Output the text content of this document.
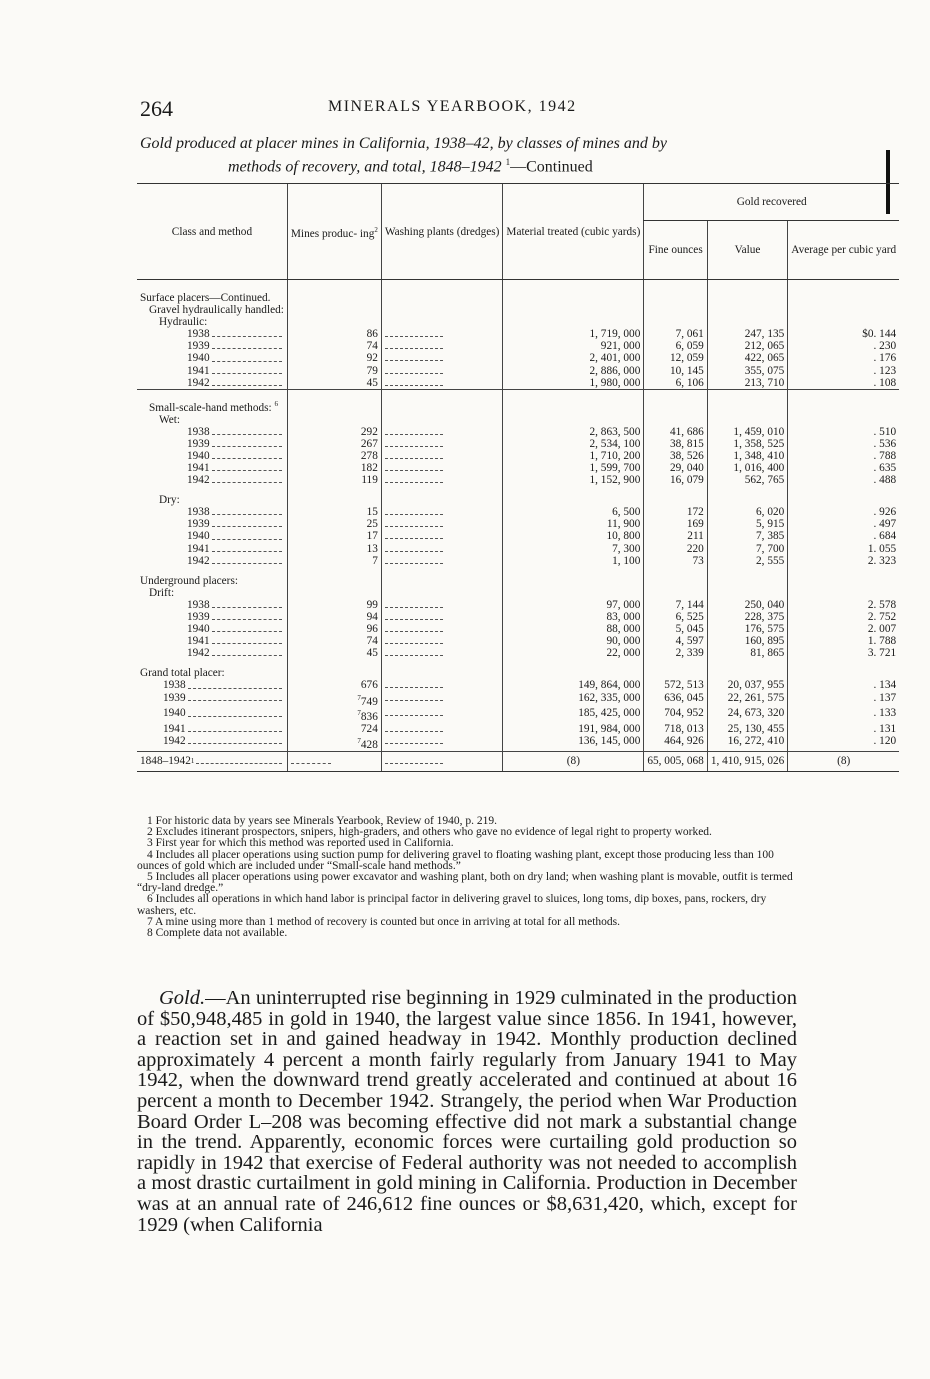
264	MINERALS YEARBOOK, 1942
Gold produced at placer mines in California, 1938–42, by classes of mines and by
methods of recovery, and total, 1848–1942 $^1$—Continued
Class and method	Mines produc- ing$^2$	Washing plants (dredges)	Material treated (cubic yards)	Gold recovered		
				Fine ounces	Value	Average per cubic yard

Surface placers—Continued.						
Gravel hydraulically handled:						
Hydraulic:						

1938	86		1, 719, 000	7, 061	247, 135	$0. 144

1939	74		921, 000	6, 059	212, 065	. 230

1940	92		2, 401, 000	12, 059	422, 065	. 176

1941	79		2, 886, 000	10, 145	355, 075	. 123

1942	45		1, 980, 000	6, 106	213, 710	. 108

Small-scale-hand methods: $^6$						
Wet:						

1938	292		2, 863, 500	41, 686	1, 459, 010	. 510

1939	267		2, 534, 100	38, 815	1, 358, 525	. 536

1940	278		1, 710, 200	38, 526	1, 348, 410	. 788

1941	182		1, 599, 700	29, 040	1, 016, 400	. 635

1942	119		1, 152, 900	16, 079	562, 765	. 488

Dry:						

1938	15		6, 500	172	6, 020	. 926

1939	25		11, 900	169	5, 915	. 497

1940	17		10, 800	211	7, 385	. 684

1941	13		7, 300	220	7, 700	1. 055

1942	7		1, 100	73	2, 555	2. 323

Underground placers:						
Drift:						

1938	99		97, 000	7, 144	250, 040	2. 578

1939	94		83, 000	6, 525	228, 375	2. 752

1940	96		88, 000	5, 045	176, 575	2. 007

1941	74		90, 000	4, 597	160, 895	1. 788

1942	45		22, 000	2, 339	81, 865	3. 721

Grand total placer:						

1938	676		149, 864, 000	572, 513	20, 037, 955	. 134

1939	$^7$749		162, 335, 000	636, 045	22, 261, 575	. 137

1940	$^7$836		185, 425, 000	704, 952	24, 673, 320	. 133

1941	724		191, 984, 000	718, 013	25, 130, 455	. 131

1942	$^7$428		136, 145, 000	464, 926	16, 272, 410	. 120

1848–1942 1			(8)	65, 005, 068	1, 410, 915, 026	(8)

1 For historic data by years see Minerals Yearbook, Review of 1940, p. 219.

2 Excludes itinerant prospectors, snipers, high-graders, and others who gave no evidence of legal right to property worked.

3 First year for which this method was reported used in California.

4 Includes all placer operations using suction pump for delivering gravel to floating washing plant, except those producing less than 100 ounces of gold which are included under “Small-scale hand methods.”

5 Includes all placer operations using power excavator and washing plant, both on dry land; when washing plant is movable, outfit is termed “dry-land dredge.”

6 Includes all operations in which hand labor is principal factor in delivering gravel to sluices, long toms, dip boxes, pans, rockers, dry washers, etc.

7 A mine using more than 1 method of recovery is counted but once in arriving at total for all methods.

8 Complete data not available.

Gold.—An uninterrupted rise beginning in 1929 culminated in the production of $50,948,485 in gold in 1940, the largest value since 1856. In 1941, however, a reaction set in and gained headway in 1942. Monthly production declined approximately 4 percent a month fairly regularly from January 1941 to May 1942, when the downward trend greatly accelerated and continued at about 16 percent a month to December 1942. Strangely, the period when War Production Board Order L–208 was becoming effective did not mark a substantial change in the trend. Apparently, economic forces were curtailing gold production so rapidly in 1942 that exercise of Federal authority was not needed to accomplish a most drastic curtailment in gold mining in California. Production in December was at an annual rate of 246,612 fine ounces or $8,631,420, which, except for 1929 (when California
